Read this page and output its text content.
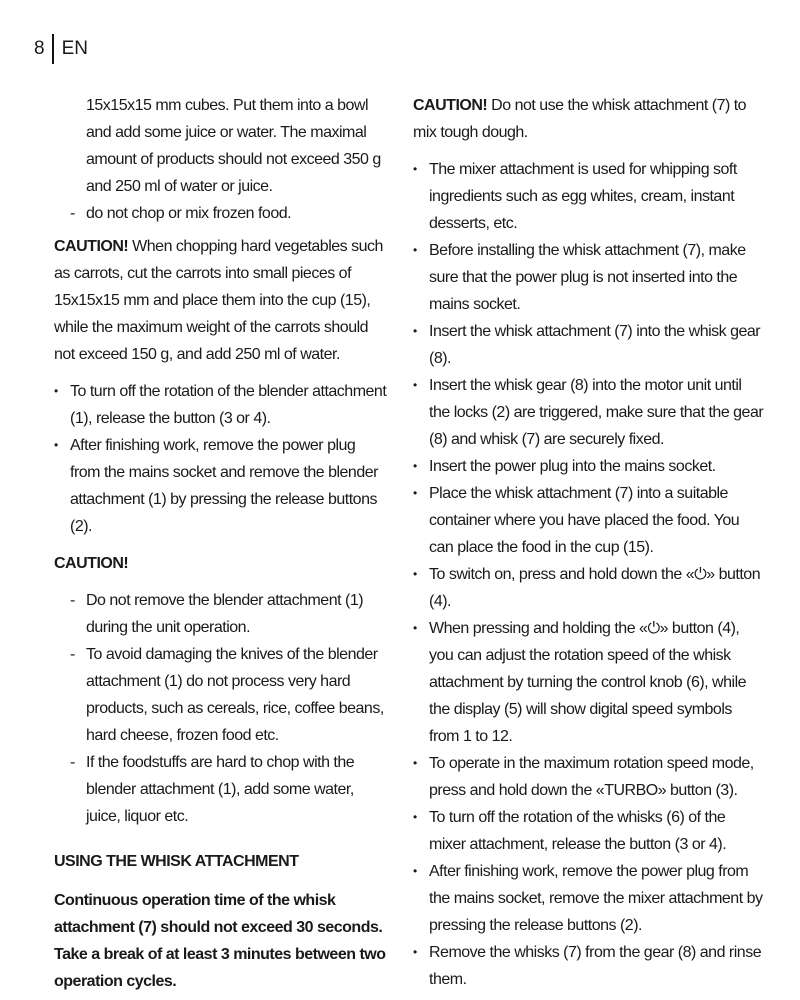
8 EN

15x15x15 mm cubes. Put them into a bowl and add some juice or water. The maximal amount of products should not exceed 350 g and 250 ml of water or juice.

- do not chop or mix frozen food.

CAUTION! When chopping hard vegetables such as carrots, cut the carrots into small pieces of 15x15x15 mm and place them into the cup (15), while the maximum weight of the carrots should not exceed 150 g, and add 250 ml of water.

• To turn off the rotation of the blender attachment (1), release the button (3 or 4).
• After finishing work, remove the power plug from the mains socket and remove the blender attachment (1) by pressing the release buttons (2).

CAUTION!

- Do not remove the blender attachment (1) during the unit operation.
- To avoid damaging the knives of the blender attachment (1) do not process very hard products, such as cereals, rice, coffee beans, hard cheese, frozen food etc.
- If the foodstuffs are hard to chop with the blender attachment (1), add some water, juice, liquor etc.

USING THE WHISK ATTACHMENT

Continuous operation time of the whisk attachment (7) should not exceed 30 seconds. Take a break of at least 3 minutes between two operation cycles.

CAUTION! Do not use the whisk attachment (7) to mix tough dough.

• The mixer attachment is used for whipping soft ingredients such as egg whites, cream, instant desserts, etc.
• Before installing the whisk attachment (7), make sure that the power plug is not inserted into the mains socket.
• Insert the whisk attachment (7) into the whisk gear (8).
• Insert the whisk gear (8) into the motor unit until the locks (2) are triggered, make sure that the gear (8) and whisk (7) are securely fixed.
• Insert the power plug into the mains socket.
• Place the whisk attachment (7) into a suitable container where you have placed the food. You can place the food in the cup (15).
• To switch on, press and hold down the «⏻» button (4).
• When pressing and holding the «⏻» button (4), you can adjust the rotation speed of the whisk attachment by turning the control knob (6), while the display (5) will show digital speed symbols from 1 to 12.
• To operate in the maximum rotation speed mode, press and hold down the «TURBO» button (3).
• To turn off the rotation of the whisks (6) of the mixer attachment, release the button (3 or 4).
• After finishing work, remove the power plug from the mains socket, remove the mixer attachment by pressing the release buttons (2).
• Remove the whisks (7) from the gear (8) and rinse them.
